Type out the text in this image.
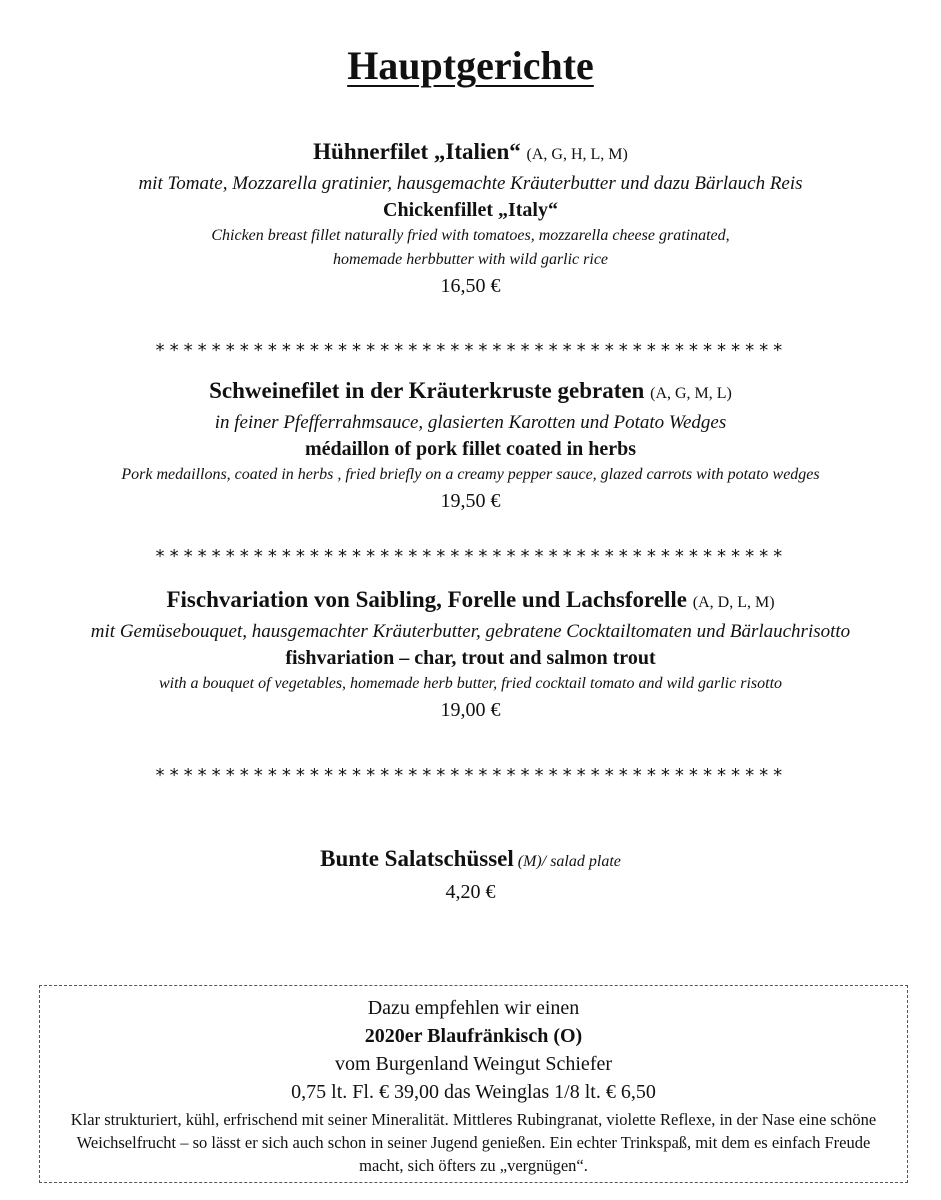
Hauptgerichte
Hühnerfilet „Italien“ (A, G, H, L, M)
mit Tomate, Mozzarella gratinier, hausgemachte Kräuterbutter und dazu Bärlauch Reis
Chickenfillet „Italy“
Chicken breast fillet naturally fried with tomatoes, mozzarella cheese gratinated,
homemade herbbutter with wild garlic rice
16,50 €
*********************************************
Schweinefilet in der Kräuterkruste gebraten (A, G, M, L)
in feiner Pfefferrahmsauce, glasierten Karotten und Potato Wedges
médaillon of pork fillet coated in herbs
Pork medaillons, coated in herbs , fried briefly on a creamy pepper sauce, glazed carrots with potato wedges
19,50 €
*********************************************
Fischvariation von Saibling, Forelle und Lachsforelle (A, D, L, M)
mit Gemüsebouquet, hausgemachter Kräuterbutter, gebratene Cocktailtomaten und Bärlauchrisotto
fishvariation – char, trout and salmon trout
with a bouquet of vegetables, homemade herb butter, fried cocktail tomato and wild garlic risotto
19,00 €
*********************************************
Bunte Salatschüssel (M)/ salad plate
4,20 €
Dazu empfehlen wir einen
2020er Blaufränkisch (O)
vom Burgenland Weingut Schiefer
0,75 lt. Fl. € 39,00 das Weinglas 1/8 lt. € 6,50
Klar strukturiert, kühl, erfrischend mit seiner Mineralität. Mittleres Rubingranat, violette Reflexe, in der Nase eine schöne Weichselfrucht – so lässt er sich auch schon in seiner Jugend genießen. Ein echter Trinkspaß, mit dem es einfach Freude macht, sich öfters zu „vergnügen“.
